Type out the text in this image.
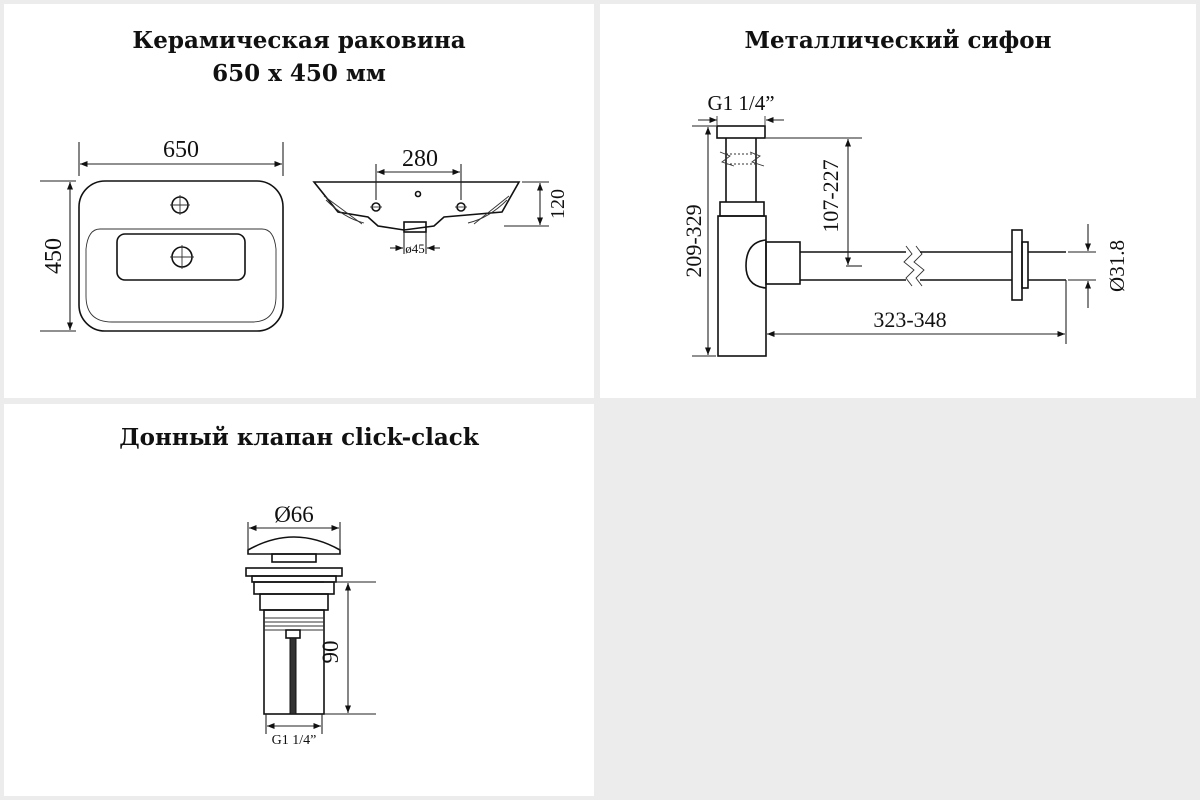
Керамическая раковина
650 х 450 мм
650
450
280
120
ø45
Металлический сифон
G1 1/4”
209-329
107-227
323-348
Ø31.8
Донный клапан click-clack
Ø66
90
G1 1/4”
